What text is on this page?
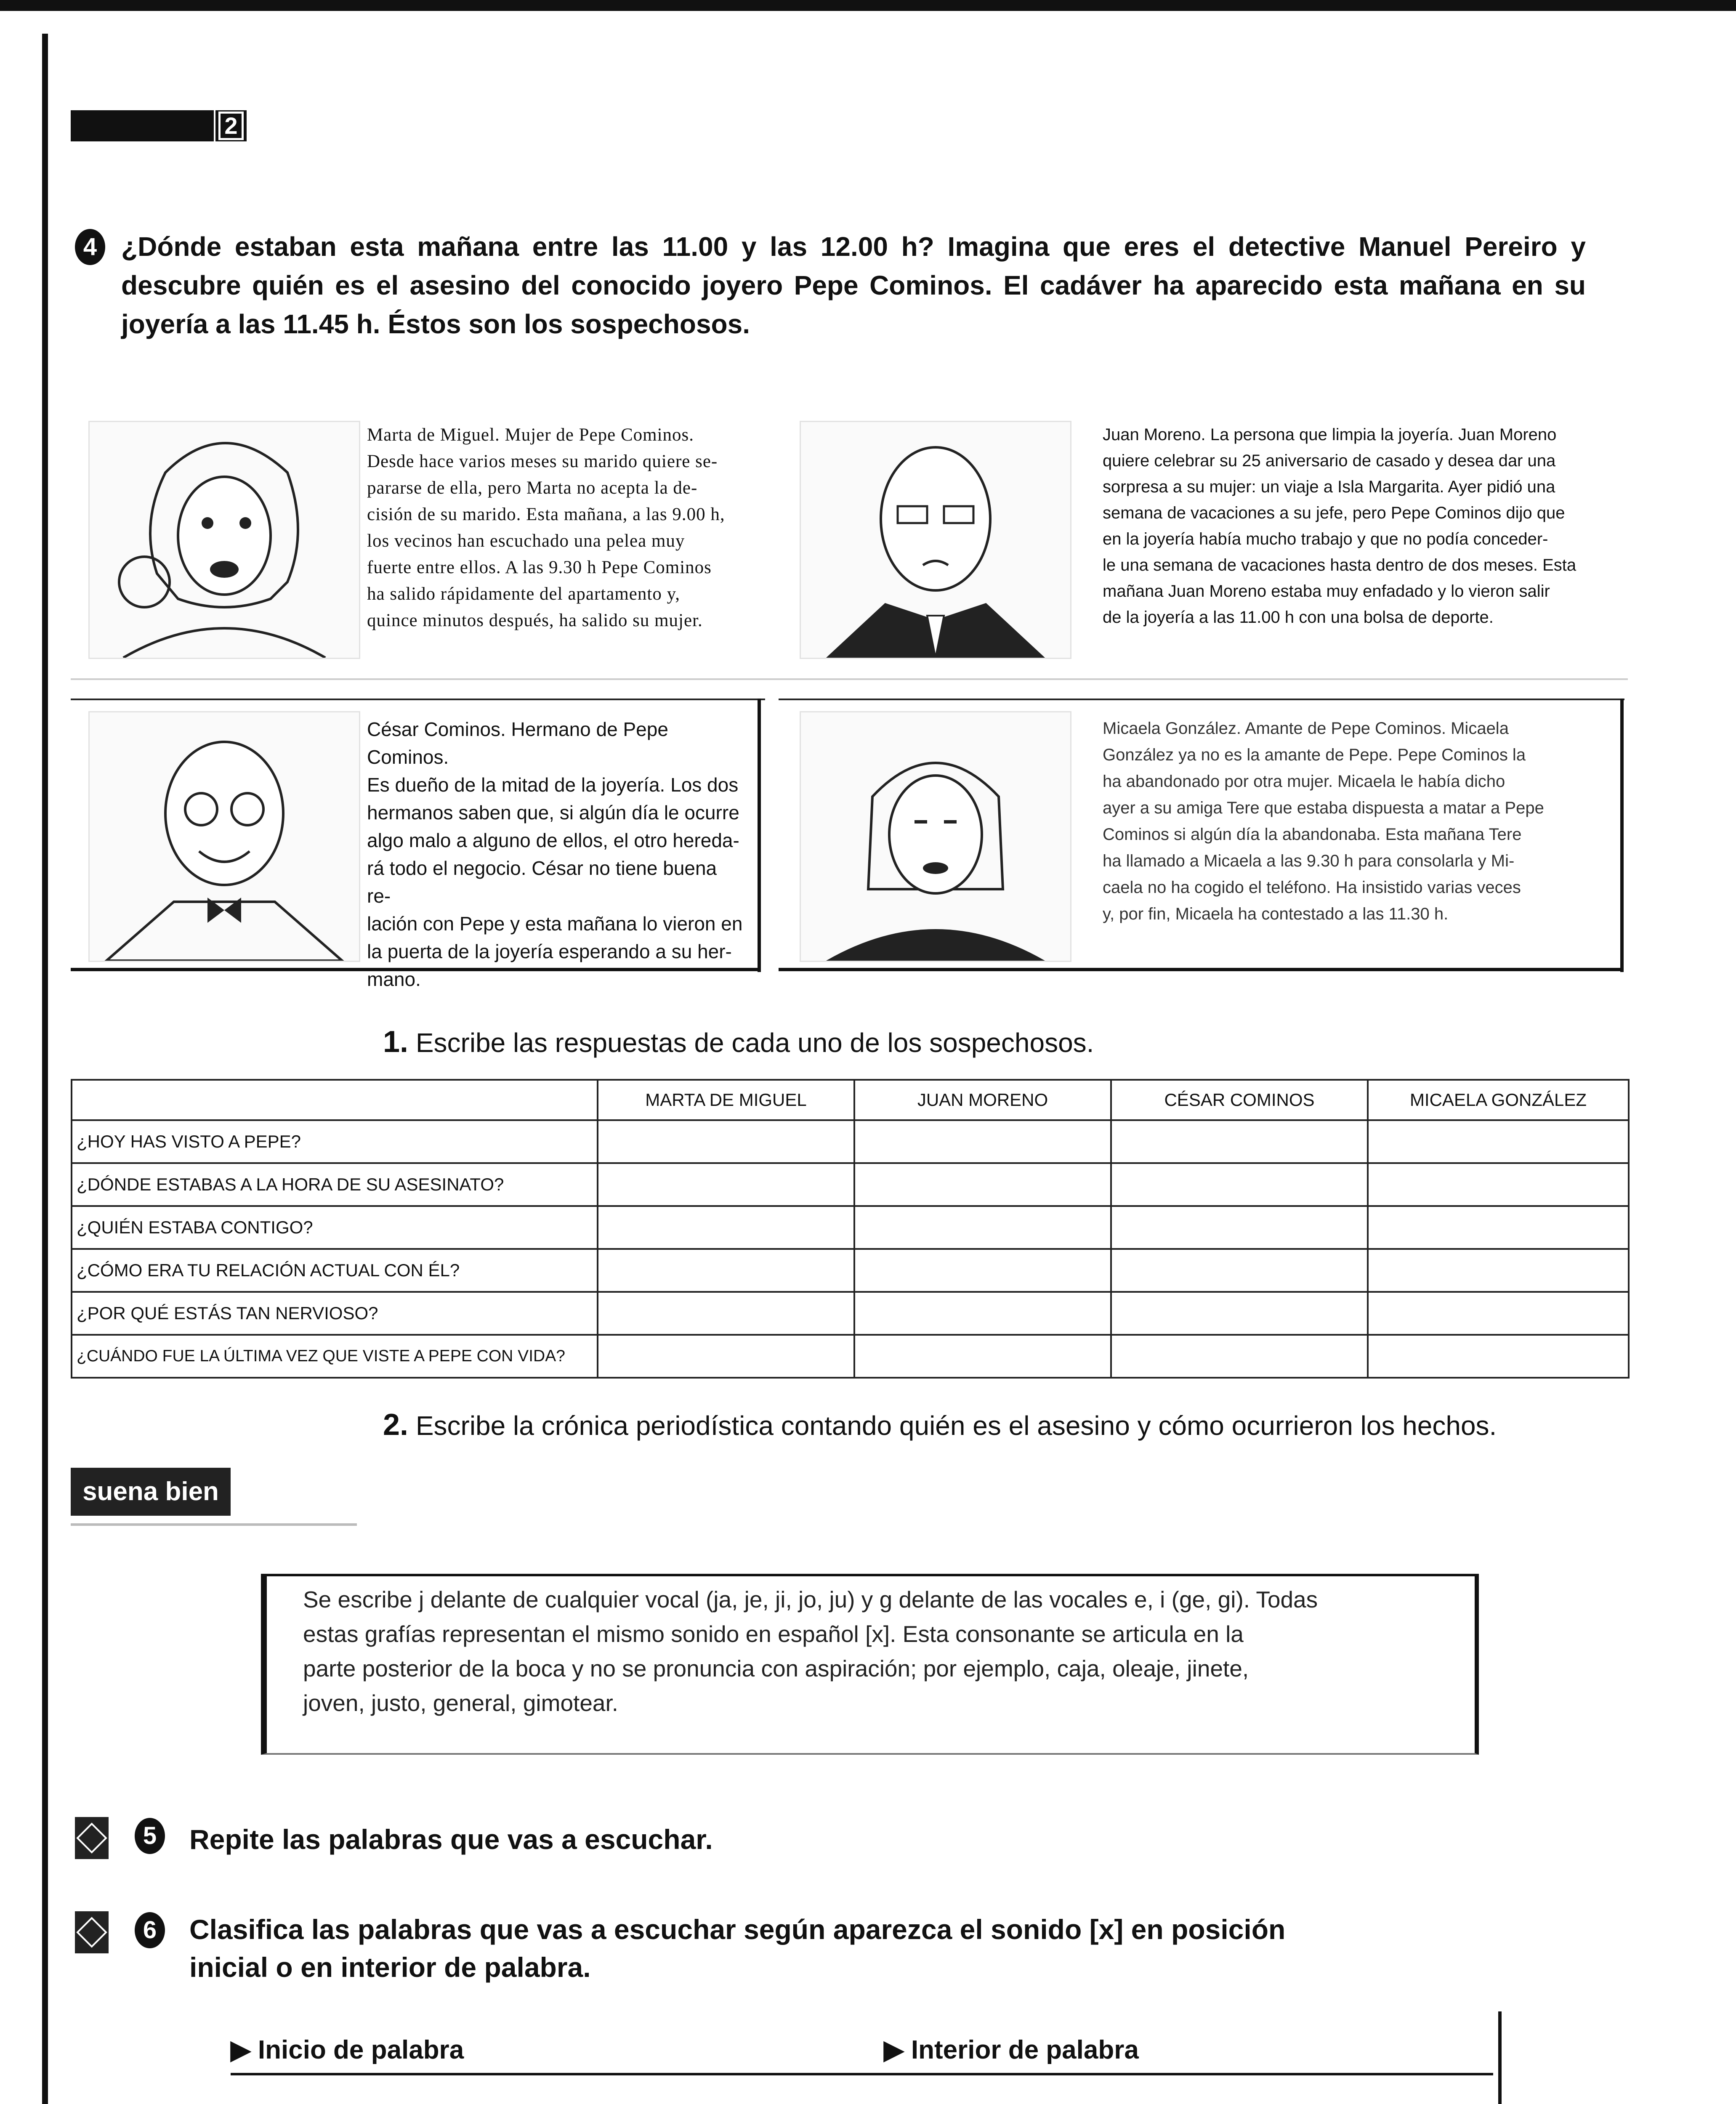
2
4 ¿Dónde estaban esta mañana entre las 11.00 y las 12.00 h? Imagina que eres el detective Manuel Pereiro y descubre quién es el asesino del conocido joyero Pepe Cominos. El cadáver ha aparecido esta mañana en su joyería a las 11.45 h. Éstos son los sospechosos.
Marta de Miguel. Mujer de Pepe Cominos.
Desde hace varios meses su marido quiere se-
pararse de ella, pero Marta no acepta la de-
cisión de su marido. Esta mañana, a las 9.00 h,
los vecinos han escuchado una pelea muy
fuerte entre ellos. A las 9.30 h Pepe Cominos
ha salido rápidamente del apartamento y,
quince minutos después, ha salido su mujer.
Juan Moreno. La persona que limpia la joyería. Juan Moreno
quiere celebrar su 25 aniversario de casado y desea dar una
sorpresa a su mujer: un viaje a Isla Margarita. Ayer pidió una
semana de vacaciones a su jefe, pero Pepe Cominos dijo que
en la joyería había mucho trabajo y que no podía conceder-
le una semana de vacaciones hasta dentro de dos meses. Esta
mañana Juan Moreno estaba muy enfadado y lo vieron salir
de la joyería a las 11.00 h con una bolsa de deporte.
César Cominos. Hermano de Pepe Cominos.
Es dueño de la mitad de la joyería. Los dos
hermanos saben que, si algún día le ocurre
algo malo a alguno de ellos, el otro hereda-
rá todo el negocio. César no tiene buena re-
lación con Pepe y esta mañana lo vieron en
la puerta de la joyería esperando a su her-
mano.
Micaela González. Amante de Pepe Cominos. Micaela
González ya no es la amante de Pepe. Pepe Cominos la
ha abandonado por otra mujer. Micaela le había dicho
ayer a su amiga Tere que estaba dispuesta a matar a Pepe
Cominos si algún día la abandonaba. Esta mañana Tere
ha llamado a Micaela a las 9.30 h para consolarla y Mi-
caela no ha cogido el teléfono. Ha insistido varias veces
y, por fin, Micaela ha contestado a las 11.30 h.
1. Escribe las respuestas de cada uno de los sospechosos.
	MARTA DE MIGUEL	JUAN MORENO	CÉSAR COMINOS	MICAELA GONZÁLEZ
¿HOY HAS VISTO A PEPE?				
¿DÓNDE ESTABAS A LA HORA DE SU ASESINATO?				
¿QUIÉN ESTABA CONTIGO?				
¿CÓMO ERA TU RELACIÓN ACTUAL CON ÉL?				
¿POR QUÉ ESTÁS TAN NERVIOSO?				
¿CUÁNDO FUE LA ÚLTIMA VEZ QUE VISTE A PEPE CON VIDA?				
2. Escribe la crónica periodística contando quién es el asesino y cómo ocurrieron los hechos.
suena bien
Se escribe j delante de cualquier vocal (ja, je, ji, jo, ju) y g delante de las vocales e, i (ge, gi). Todas
estas grafías representan el mismo sonido en español [x]. Esta consonante se articula en la
parte posterior de la boca y no se pronuncia con aspiración; por ejemplo, caja, oleaje, jinete,
joven, justo, general, gimotear.
5	Repite las palabras que vas a escuchar.
6	Clasifica las palabras que vas a escuchar según aparezca el sonido [x] en posición
inicial o en interior de palabra.
▶ Inicio de palabra	▶ Interior de palabra
